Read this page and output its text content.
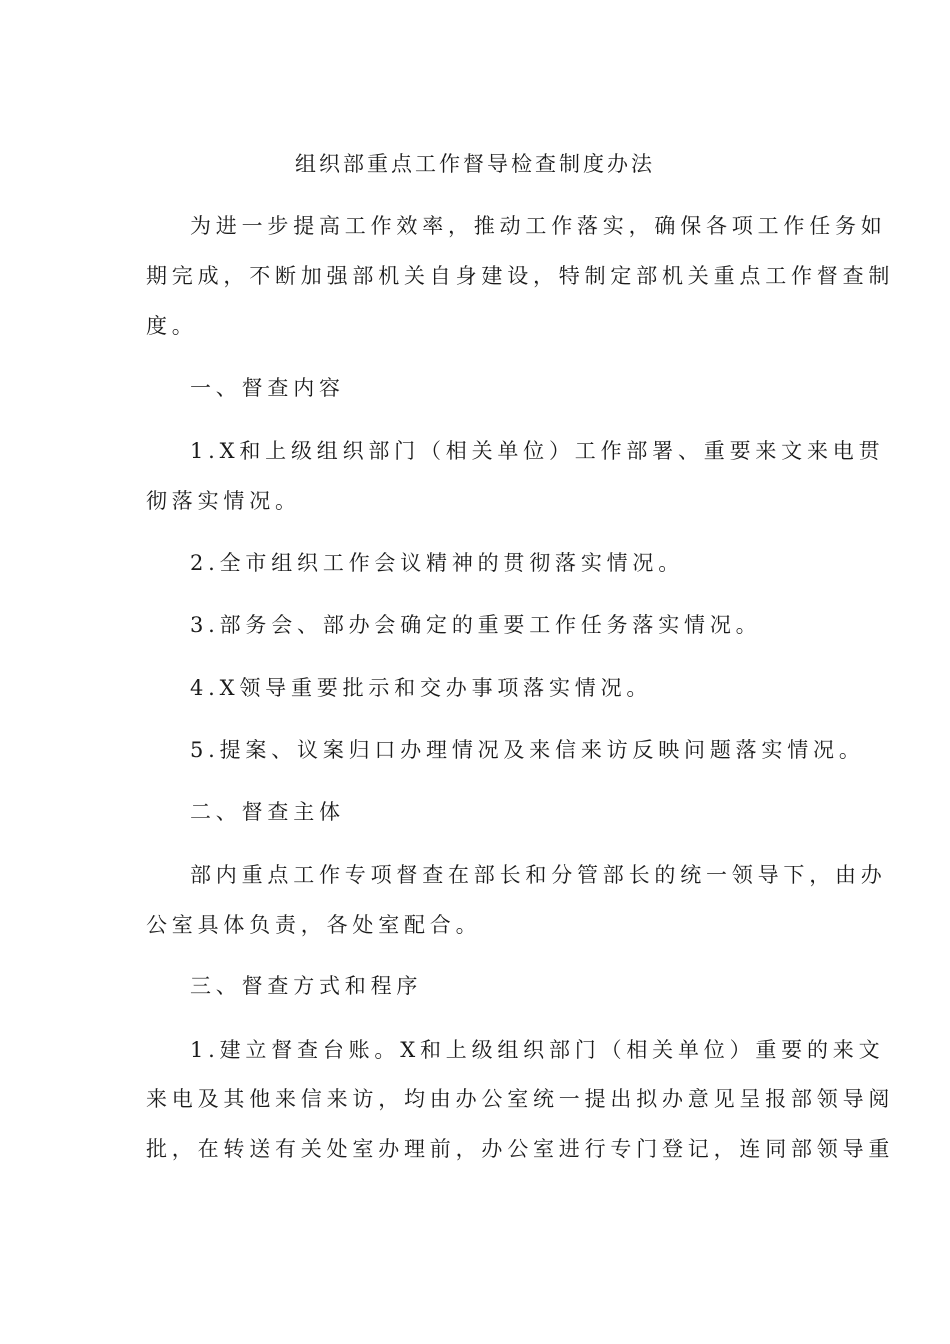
组织部重点工作督导检查制度办法
为进一步提高工作效率，推动工作落实，确保各项工作任务如
期完成，不断加强部机关自身建设，特制定部机关重点工作督查制
度。
一、督查内容
1.X和上级组织部门（相关单位）工作部署、重要来文来电贯
彻落实情况。
2.全市组织工作会议精神的贯彻落实情况。
3.部务会、部办会确定的重要工作任务落实情况。
4.X领导重要批示和交办事项落实情况。
5.提案、议案归口办理情况及来信来访反映问题落实情况。
二、督查主体
部内重点工作专项督查在部长和分管部长的统一领导下，由办
公室具体负责，各处室配合。
三、督查方式和程序
1.建立督查台账。X和上级组织部门（相关单位）重要的来文
来电及其他来信来访，均由办公室统一提出拟办意见呈报部领导阅
批，在转送有关处室办理前，办公室进行专门登记，连同部领导重
